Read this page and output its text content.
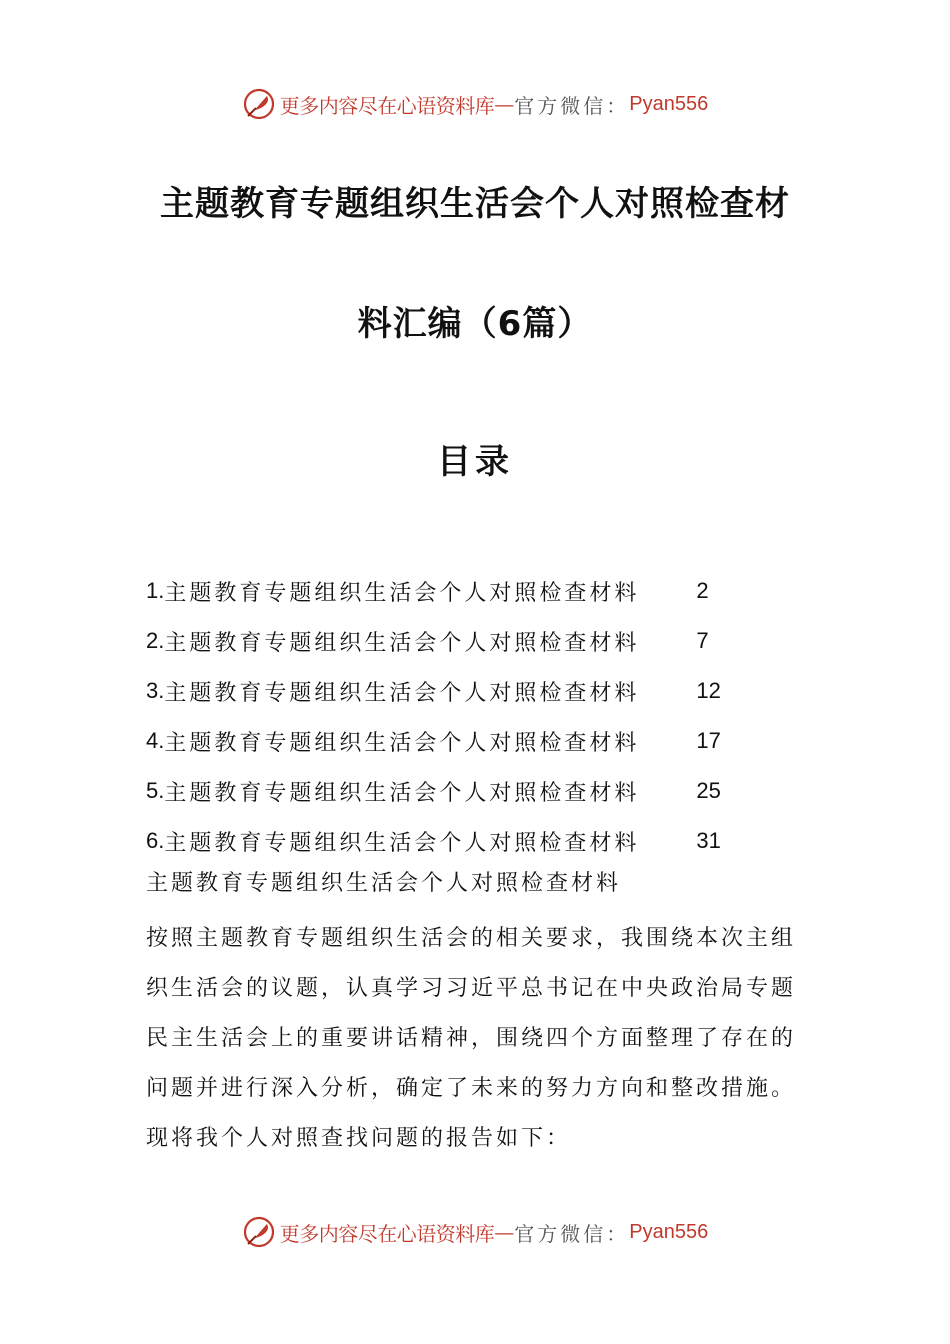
更多内容尽在心语资料库 — 官方微信： Pyan556
主题教育专题组织生活会个人对照检查材
料汇编（6篇）
目录
1. 主题教育专题组织生活会个人对照检查材料	2
2. 主题教育专题组织生活会个人对照检查材料	7
3. 主题教育专题组织生活会个人对照检查材料	12
4. 主题教育专题组织生活会个人对照检查材料	17
5. 主题教育专题组织生活会个人对照检查材料	25
6. 主题教育专题组织生活会个人对照检查材料	31
主题教育专题组织生活会个人对照检查材料
按照主题教育专题组织生活会的相关要求，我围绕本次主组织生活会的议题，认真学习习近平总书记在中央政治局专题民主生活会上的重要讲话精神，围绕四个方面整理了存在的问题并进行深入分析，确定了未来的努力方向和整改措施。现将我个人对照查找问题的报告如下：
更多内容尽在心语资料库 — 官方微信： Pyan556
